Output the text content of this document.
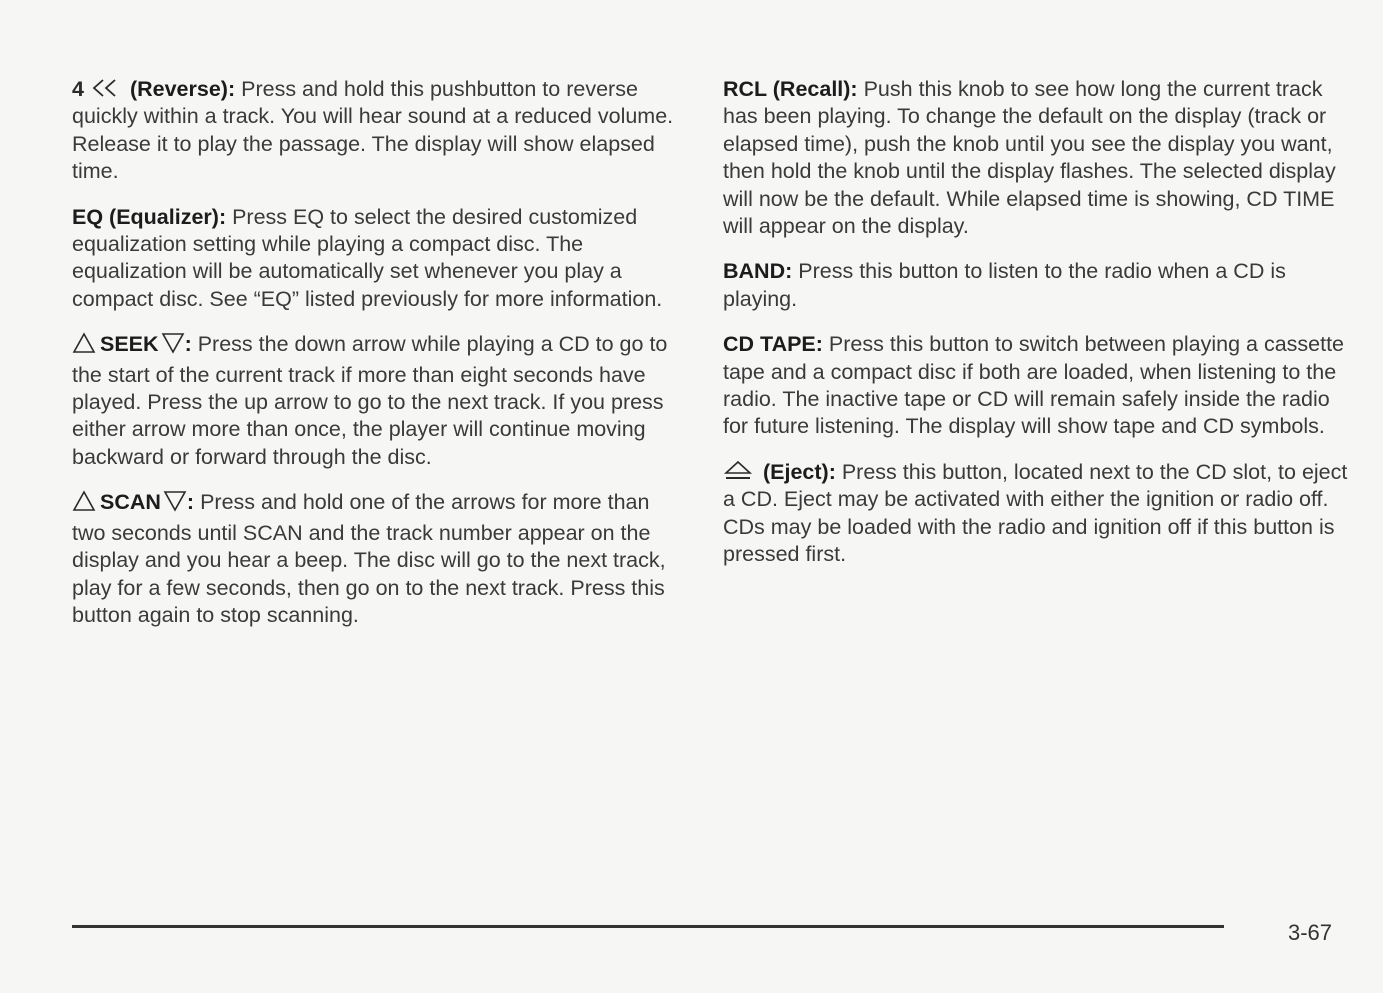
4 (Reverse): Press and hold this pushbutton to reverse quickly within a track. You will hear sound at a reduced volume. Release it to play the passage. The display will show elapsed time.

EQ (Equalizer): Press EQ to select the desired customized equalization setting while playing a compact disc. The equalization will be automatically set whenever you play a compact disc. See “EQ” listed previously for more information.

SEEK : Press the down arrow while playing a CD to go to the start of the current track if more than eight seconds have played. Press the up arrow to go to the next track. If you press either arrow more than once, the player will continue moving backward or forward through the disc.

SCAN : Press and hold one of the arrows for more than two seconds until SCAN and the track number appear on the display and you hear a beep. The disc will go to the next track, play for a few seconds, then go on to the next track. Press this button again to stop scanning.

RCL (Recall): Push this knob to see how long the current track has been playing. To change the default on the display (track or elapsed time), push the knob until you see the display you want, then hold the knob until the display flashes. The selected display will now be the default. While elapsed time is showing, CD TIME will appear on the display.

BAND: Press this button to listen to the radio when a CD is playing.

CD TAPE: Press this button to switch between playing a cassette tape and a compact disc if both are loaded, when listening to the radio. The inactive tape or CD will remain safely inside the radio for future listening. The display will show tape and CD symbols.

(Eject): Press this button, located next to the CD slot, to eject a CD. Eject may be activated with either the ignition or radio off. CDs may be loaded with the radio and ignition off if this button is pressed first.

3-67
